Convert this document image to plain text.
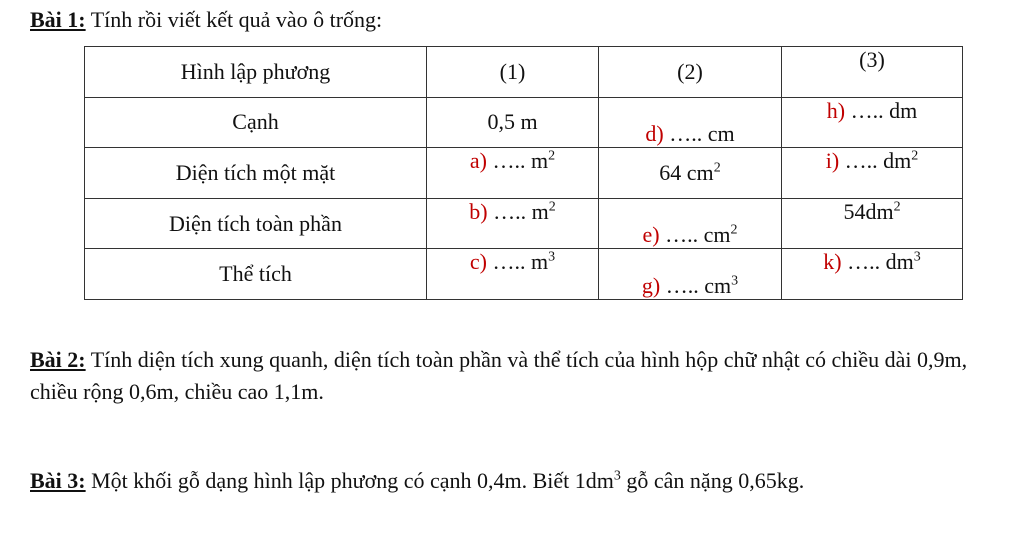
Bài 1: Tính rồi viết kết quả vào ô trống:
Hình lập phương	(1)	(2)	(3)
Cạnh	0,5 m	d) ….. cm	h) ….. dm
Diện tích một mặt	a) ….. $m^2$	64 $cm^2$	i) ….. $dm^2$
Diện tích toàn phần	b) ….. $m^2$	e) ….. $cm^2$	$54dm^2$
Thể tích	c) ….. $m^3$	g) ….. $cm^3$	k) ….. $dm^3$
Bài 2: Tính diện tích xung quanh, diện tích toàn phần và thể tích của hình hộp chữ nhật có chiều dài 0,9m, chiều rộng 0,6m, chiều cao 1,1m.
Bài 3: Một khối gỗ dạng hình lập phương có cạnh 0,4m. Biết $1dm^3$ gỗ cân nặng 0,65kg.
